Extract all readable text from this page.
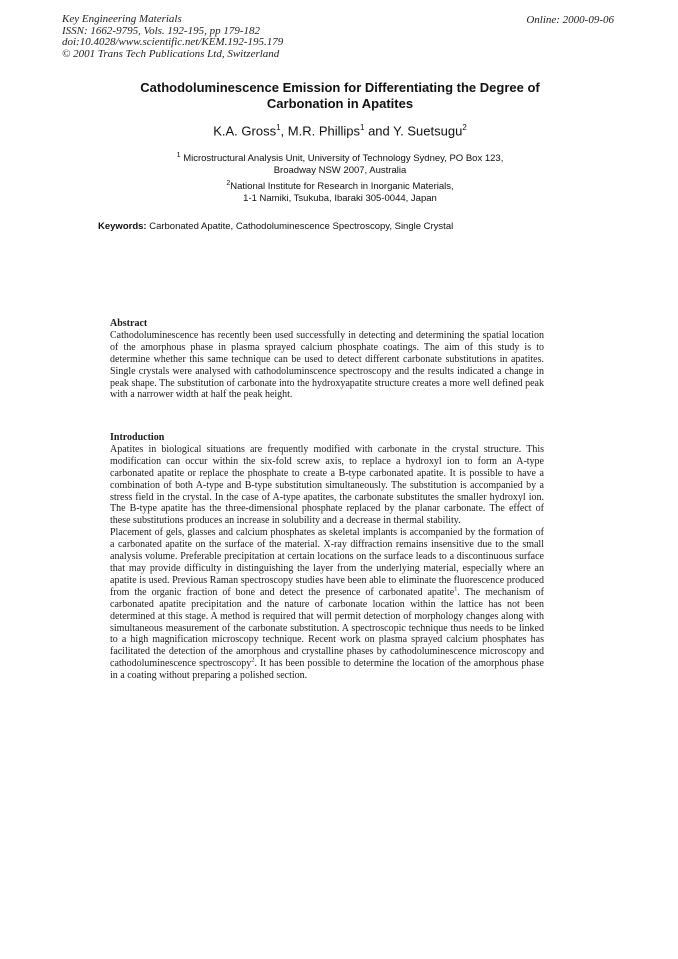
Key Engineering Materials
ISSN: 1662-9795, Vols. 192-195, pp 179-182
doi:10.4028/www.scientific.net/KEM.192-195.179
© 2001 Trans Tech Publications Ltd, Switzerland
Online: 2000-09-06
Cathodoluminescence Emission for Differentiating the Degree of
Carbonation in Apatites
K.A. Gross$^1$, M.R. Phillips$^1$ and Y. Suetsugu$^2$
$^1$ Microstructural Analysis Unit, University of Technology Sydney, PO Box 123,
Broadway NSW 2007, Australia
$^2$National Institute for Research in Inorganic Materials,
1-1 Namiki, Tsukuba, Ibaraki 305-0044, Japan
Keywords: Carbonated Apatite, Cathodoluminescence Spectroscopy, Single Crystal
Abstract

Cathodoluminescence has recently been used successfully in detecting and determining the spatial location of the amorphous phase in plasma sprayed calcium phosphate coatings. The aim of this study is to determine whether this same technique can be used to detect different carbonate substitutions in apatites. Single crystals were analysed with cathodoluminscence spectroscopy and the results indicated a change in peak shape. The substitution of carbonate into the hydroxyapatite structure creates a more well defined peak with a narrower width at half the peak height.

Introduction

Apatites in biological situations are frequently modified with carbonate in the crystal structure. This modification can occur within the six-fold screw axis, to replace a hydroxyl ion to form an A-type carbonated apatite or replace the phosphate to create a B-type carbonated apatite. It is possible to have a combination of both A-type and B-type substitution simultaneously. The substitution is accompanied by a stress field in the crystal. In the case of A-type apatites, the carbonate substitutes the smaller hydroxyl ion. The B-type apatite has the three-dimensional phosphate replaced by the planar carbonate. The effect of these substitutions produces an increase in solubility and a decrease in thermal stability.

Placement of gels, glasses and calcium phosphates as skeletal implants is accompanied by the formation of a carbonated apatite on the surface of the material. X-ray diffraction remains insensitive due to the small analysis volume. Preferable precipitation at certain locations on the surface leads to a discontinuous surface that may provide difficulty in distinguishing the layer from the underlying material, especially where an apatite is used. Previous Raman spectroscopy studies have been able to eliminate the fluorescence produced from the organic fraction of bone and detect the presence of carbonated apatite$^1$. The mechanism of carbonated apatite precipitation and the nature of carbonate location within the lattice has not been determined at this stage. A method is required that will permit detection of morphology changes along with simultaneous measurement of the carbonate substitution. A spectroscopic technique thus needs to be linked to a high magnification microscopy technique. Recent work on plasma sprayed calcium phosphates has facilitated the detection of the amorphous and crystalline phases by cathodoluminescence microscopy and cathodoluminescence spectroscopy$^2$. It has been possible to determine the location of the amorphous phase in a coating without preparing a polished section.
